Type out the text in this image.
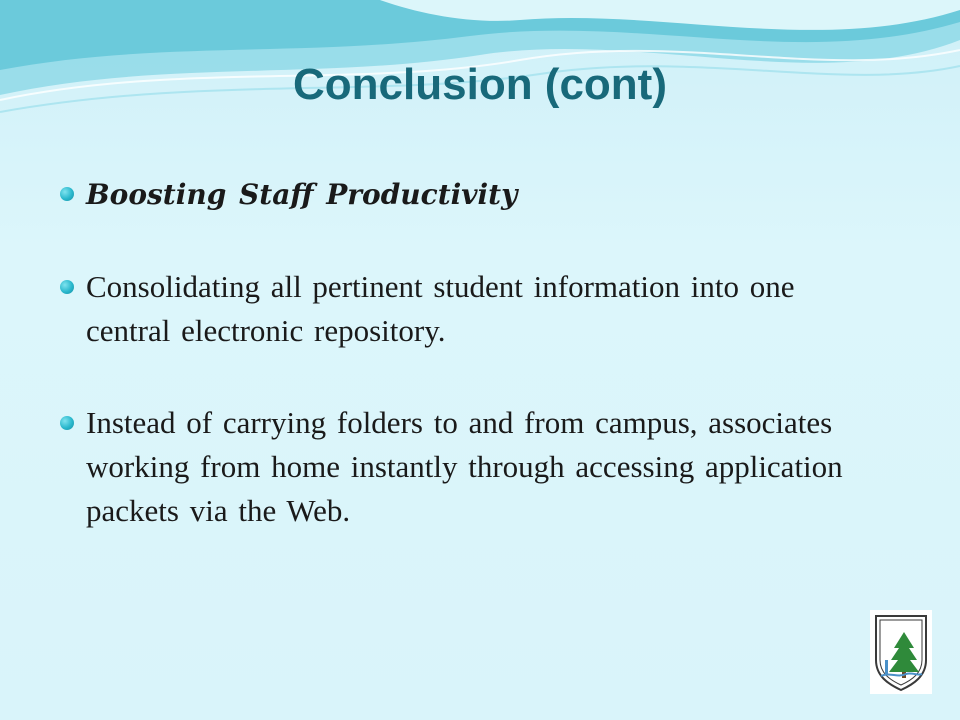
Conclusion (cont)
Boosting Staff Productivity
Consolidating all pertinent student information into one central electronic repository.
Instead of carrying folders to and from campus, associates working from home instantly through accessing application packets via the Web.
